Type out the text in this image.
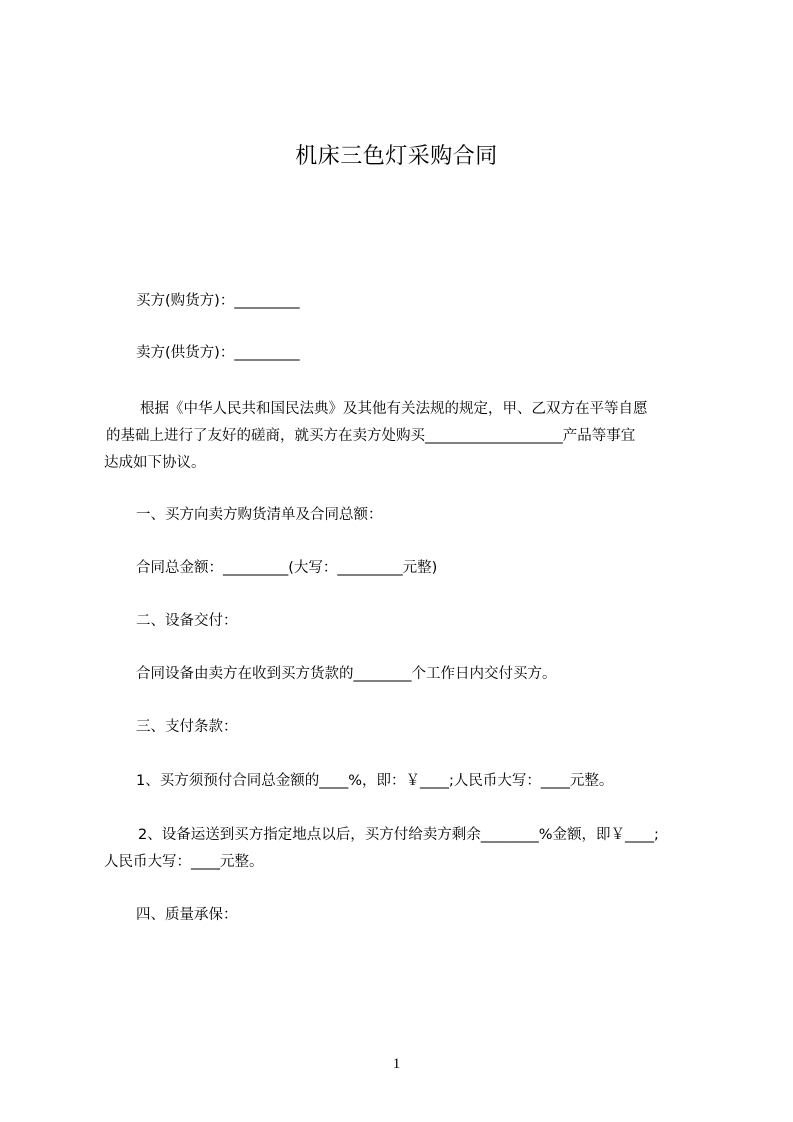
机床三色灯采购合同
买方(购货方)：_________
卖方(供货方)：_________
根据《中华人民共和国民法典》及其他有关法规的规定，甲、乙双方在平等自愿
的基础上进行了友好的磋商，就买方在卖方处购买___________________产品等事宜
达成如下协议。
一、买方向卖方购货清单及合同总额：
合同总金额：_________(大写：_________元整)
二、设备交付：
合同设备由卖方在收到买方货款的________个工作日内交付买方。
三、支付条款：
1、买方须预付合同总金额的____%，即：￥____;人民币大写：____元整。
2、设备运送到买方指定地点以后，买方付给卖方剩余________%金额，即￥____;
人民币大写：____元整。
四、质量承保：
1
